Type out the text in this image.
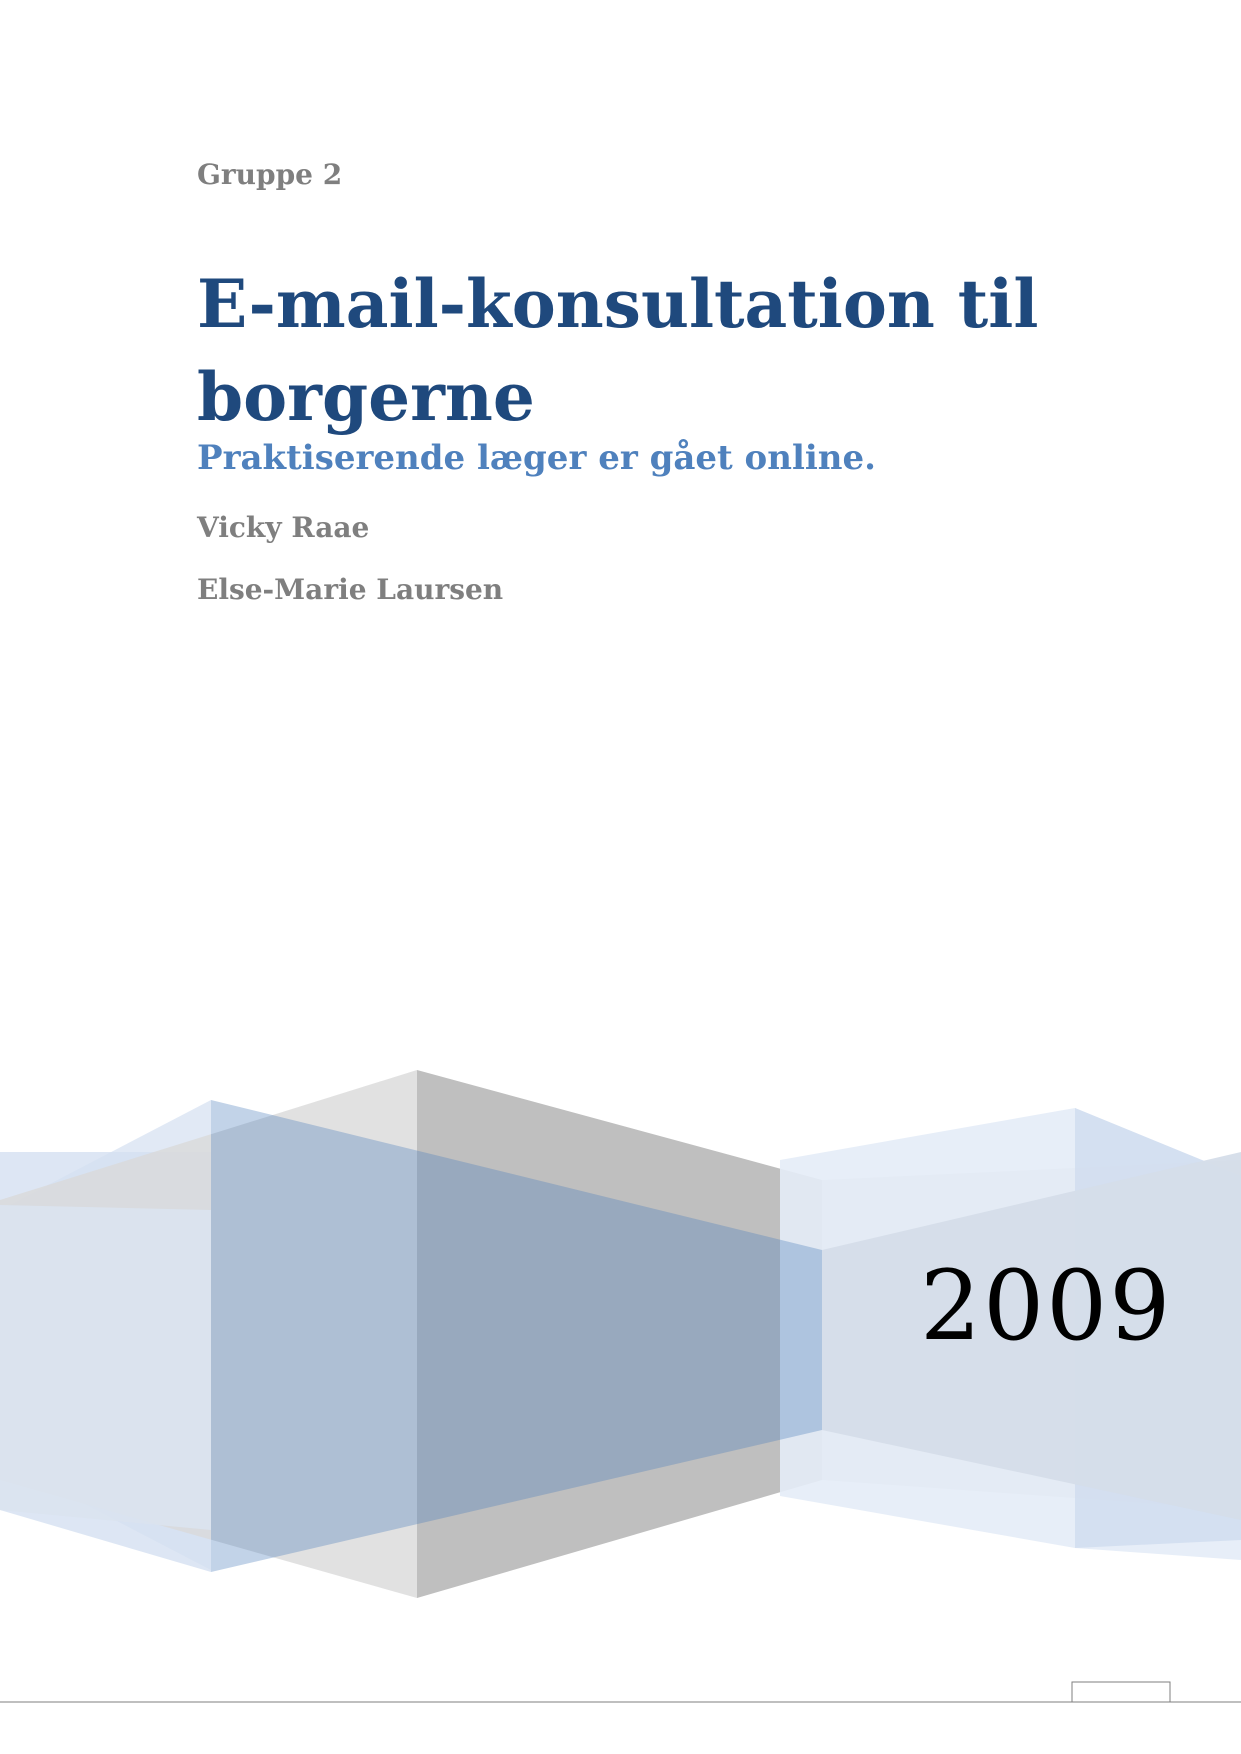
Gruppe 2
E-mail-konsultation til borgerne
Praktiserende læger er gået online.
Vicky Raae
Else-Marie Laursen
2009
